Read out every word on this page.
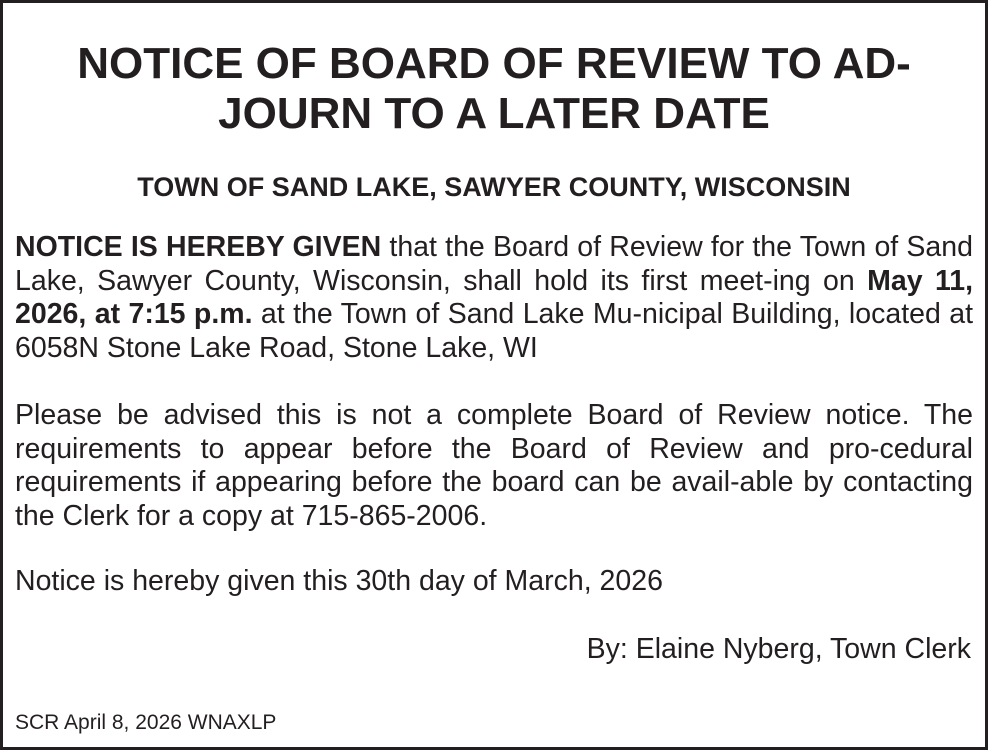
NOTICE OF BOARD OF REVIEW TO AD-
JOURN TO A LATER DATE
TOWN OF SAND LAKE, SAWYER COUNTY, WISCONSIN

NOTICE IS HEREBY GIVEN that the Board of Review for the Town of Sand Lake, Sawyer County, Wisconsin, shall hold its first meet-ing on May 11, 2026, at 7:15 p.m. at the Town of Sand Lake Mu-nicipal Building, located at 6058N Stone Lake Road, Stone Lake, WI

Please be advised this is not a complete Board of Review notice. The requirements to appear before the Board of Review and pro-cedural requirements if appearing before the board can be avail-able by contacting the Clerk for a copy at 715-865-2006.

Notice is hereby given this 30th day of March, 2026

By: Elaine Nyberg, Town Clerk
SCR April 8, 2026 WNAXLP
